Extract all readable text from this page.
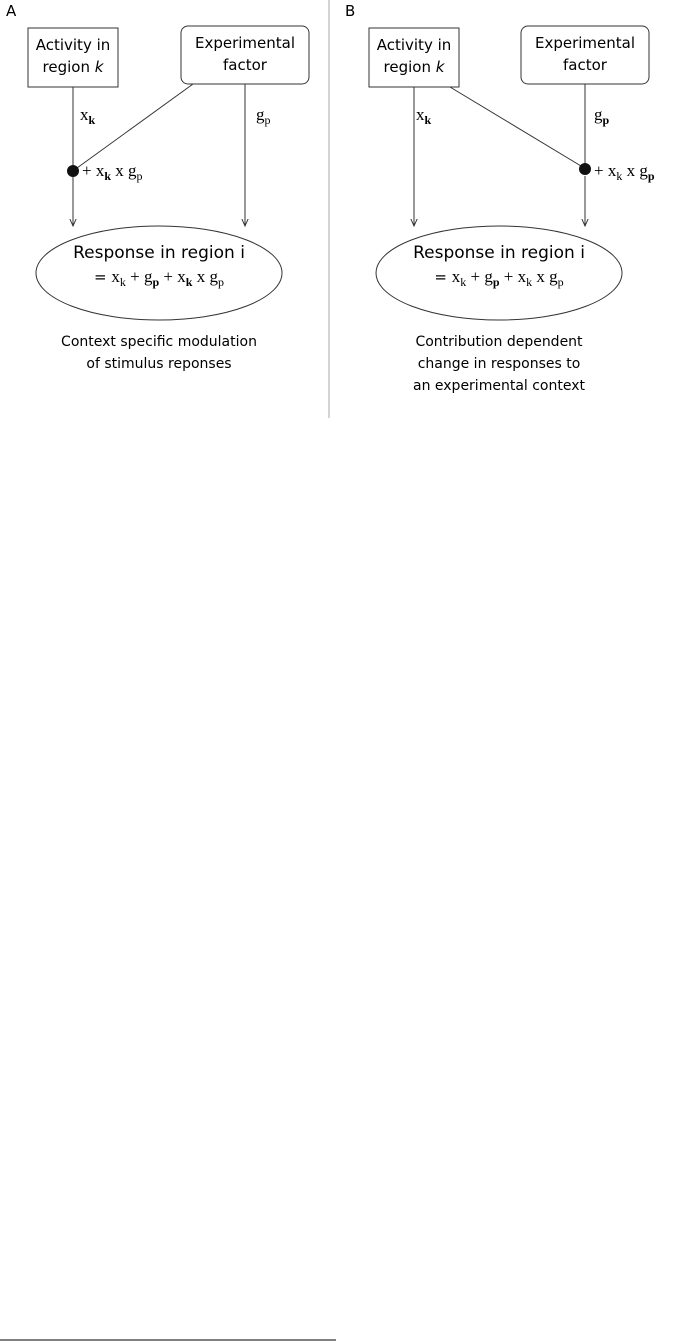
A
Activity in
region k
Experimental
factor
$x_k$	$g_p$
+ $x_k$ x $g_p$
Response in region i
= $x_k + g_p + x_k$ x $g_p$
Context specific modulation
of stimulus reponses
B
Activity in
region k
Experimental
factor
$x_k$	$g_p$
+ $x_k$ x $g_p$
Response in region i
= $x_k + g_p + x_k$ x $g_p$
Contribution dependent
change in responses to
an experimental context
